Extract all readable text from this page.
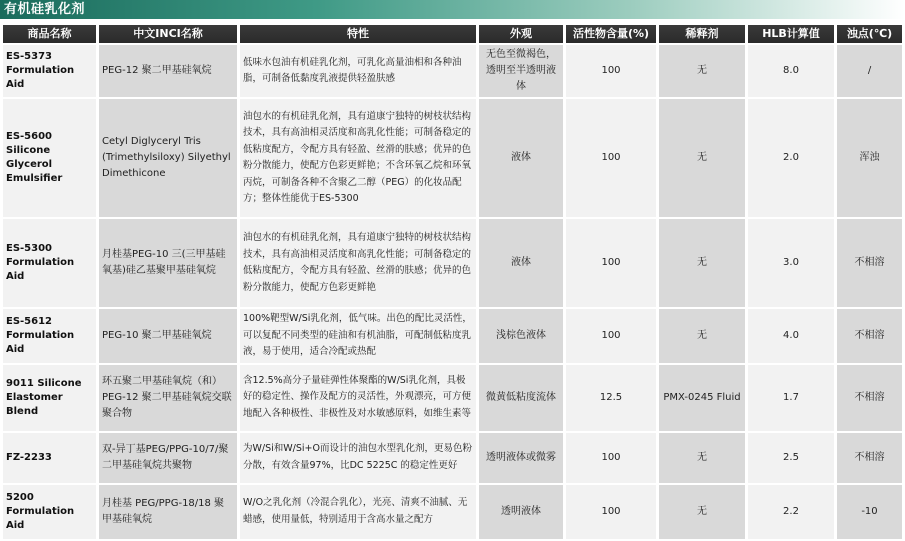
有机硅乳化剂
商品名称	中文INCI名称	特性	外观	活性物含量(%)	稀释剂	HLB计算值	浊点(℃)
ES-5373
Formulation Aid	PEG-12 聚二甲基硅氧烷	低味水包油有机硅乳化剂，可乳化高量油相和各种油脂，可制备低黏度乳液提供轻盈肤感	无色至微褐色，透明至半透明液体	100	无	8.0	/
ES-5600 Silicone
Glycerol
Emulsifier	Cetyl Diglyceryl Tris (Trimethylsiloxy) Silyethyl Dimethicone	油包水的有机硅乳化剂，具有道康宁独特的树枝状结构技术，具有高油相灵活度和高乳化性能；可制备稳定的低粘度配方，令配方具有轻盈、丝滑的肤感；优异的色粉分散能力，使配方色彩更鲜艳；不含环氧乙烷和环氧丙烷，可制备各种不含聚乙二醇（PEG）的化妆品配方；整体性能优于ES-5300	液体	100	无	2.0	浑浊
ES-5300
Formulation Aid	月桂基PEG-10 三(三甲基硅氧基)硅乙基聚甲基硅氧烷	油包水的有机硅乳化剂，具有道康宁独特的树枝状结构技术，具有高油相灵活度和高乳化性能；可制备稳定的低粘度配方，令配方具有轻盈、丝滑的肤感；优异的色粉分散能力，使配方色彩更鲜艳	液体	100	无	3.0	不相溶
ES-5612
Formulation Aid	PEG-10 聚二甲基硅氧烷	100%靶型W/Si乳化剂，低气味。出色的配比灵活性，可以复配不同类型的硅油和有机油脂，可配制低粘度乳液，易于使用，适合冷配或热配	浅棕色液体	100	无	4.0	不相溶
9011 Silicone
Elastomer Blend	环五聚二甲基硅氧烷（和）PEG-12 聚二甲基硅氧烷交联聚合物	含12.5%高分子量硅弹性体聚酯的W/Si乳化剂，具极好的稳定性、操作及配方的灵活性，外观漂亮，可方便地配入各种极性、非极性及对水敏感原料，如维生素等	微黄低粘度流体	12.5	PMX-0245 Fluid	1.7	不相溶
FZ-2233	双-异丁基PEG/PPG-10/7/聚二甲基硅氧烷共聚物	为W/Si和W/Si+O而设计的油包水型乳化剂，更易色粉分散，有效含量97%，比DC 5225C 的稳定性更好	透明液体或微雾	100	无	2.5	不相溶
5200
Formulation Aid	月桂基 PEG/PPG-18/18 聚甲基硅氧烷	W/O之乳化剂（冷混合乳化），光亮、清爽不油腻、无蜡感，使用量低，特别适用于含高水量之配方	透明液体	100	无	2.2	-10
